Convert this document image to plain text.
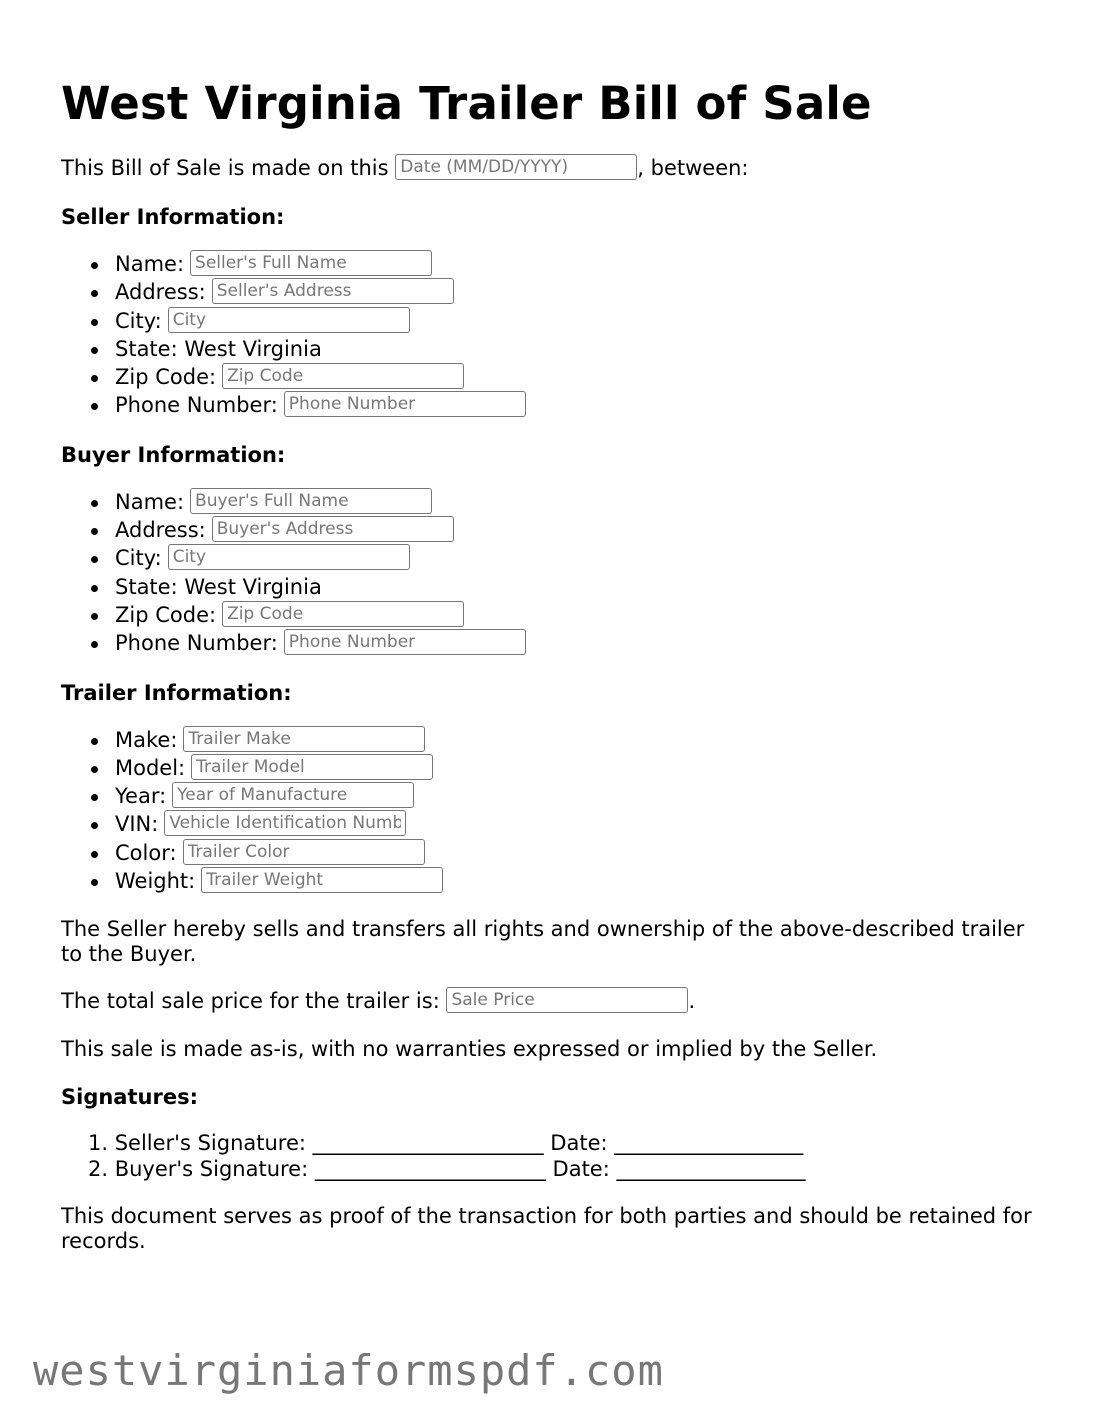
West Virginia Trailer Bill of Sale

This Bill of Sale is made on this Date (MM/DD/YYYY)	, between:

Seller Information:
Name:Seller's Full Name
Address:Seller's Address
City:City
State: West Virginia
Zip Code:Zip Code
Phone Number:Phone Number
Buyer Information:
Name:Buyer's Full Name
Address:Buyer's Address
City:City
State: West Virginia
Zip Code:Zip Code
Phone Number:Phone Number
Trailer Information:
Make:Trailer Make
Model:Trailer Model
Year:Year of Manufacture
VIN:Vehicle Identification Number
Color:Trailer Color
Weight:Trailer Weight

The Seller hereby sells and transfers all rights and ownership of the above-described trailer to the Buyer.

The total sale price for the trailer is: Sale Price	.

This sale is made as-is, with no warranties expressed or implied by the Seller.

Signatures:
1. Seller's Signature: ______________________ Date: __________________
2. Buyer's Signature: ______________________ Date: __________________

This document serves as proof of the transaction for both parties and should be retained for records.

westvirginiaformspdf.com
